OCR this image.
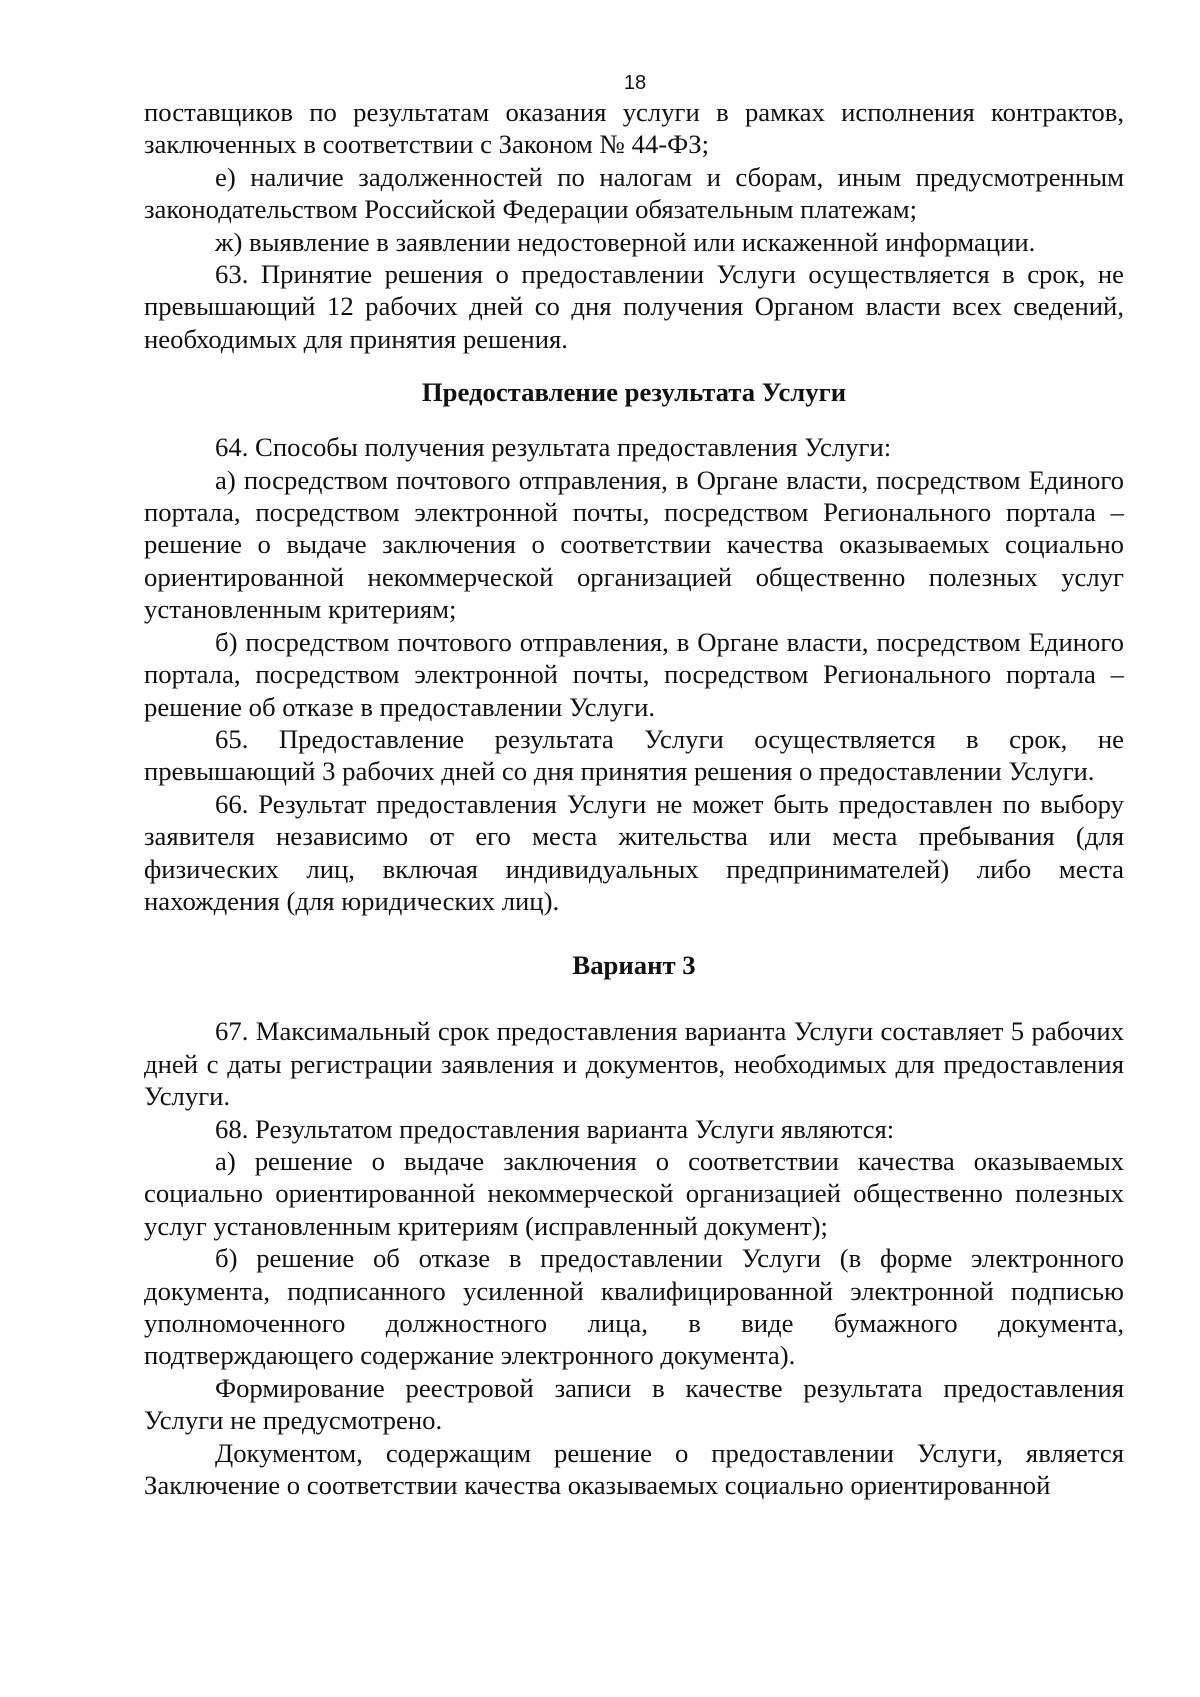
18

поставщиков по результатам оказания услуги в рамках исполнения контрактов, заключенных в соответствии с Законом № 44-ФЗ;

е) наличие задолженностей по налогам и сборам, иным предусмотренным законодательством Российской Федерации обязательным платежам;

ж) выявление в заявлении недостоверной или искаженной информации.

63. Принятие решения о предоставлении Услуги осуществляется в срок, не превышающий 12 рабочих дней со дня получения Органом власти всех сведений, необходимых для принятия решения.

Предоставление результата Услуги

64. Способы получения результата предоставления Услуги:

а) посредством почтового отправления, в Органе власти, посредством Единого портала, посредством электронной почты, посредством Регионального портала – решение о выдаче заключения о соответствии качества оказываемых социально ориентированной некоммерческой организацией общественно полезных услуг установленным критериям;

б) посредством почтового отправления, в Органе власти, посредством Единого портала, посредством электронной почты, посредством Регионального портала – решение об отказе в предоставлении Услуги.

65. Предоставление результата Услуги осуществляется в срок, не превышающий 3 рабочих дней со дня принятия решения о предоставлении Услуги.

66. Результат предоставления Услуги не может быть предоставлен по выбору заявителя независимо от его места жительства или места пребывания (для физических лиц, включая индивидуальных предпринимателей) либо места нахождения (для юридических лиц).

Вариант 3

67. Максимальный срок предоставления варианта Услуги составляет 5 рабочих дней с даты регистрации заявления и документов, необходимых для предоставления Услуги.

68. Результатом предоставления варианта Услуги являются:

а) решение о выдаче заключения о соответствии качества оказываемых социально ориентированной некоммерческой организацией общественно полезных услуг установленным критериям (исправленный документ);

б) решение об отказе в предоставлении Услуги (в форме электронного документа, подписанного усиленной квалифицированной электронной подписью уполномоченного должностного лица, в виде бумажного документа, подтверждающего содержание электронного документа).

Формирование реестровой записи в качестве результата предоставления Услуги не предусмотрено.

Документом, содержащим решение о предоставлении Услуги, является Заключение о соответствии качества оказываемых социально ориентированной
